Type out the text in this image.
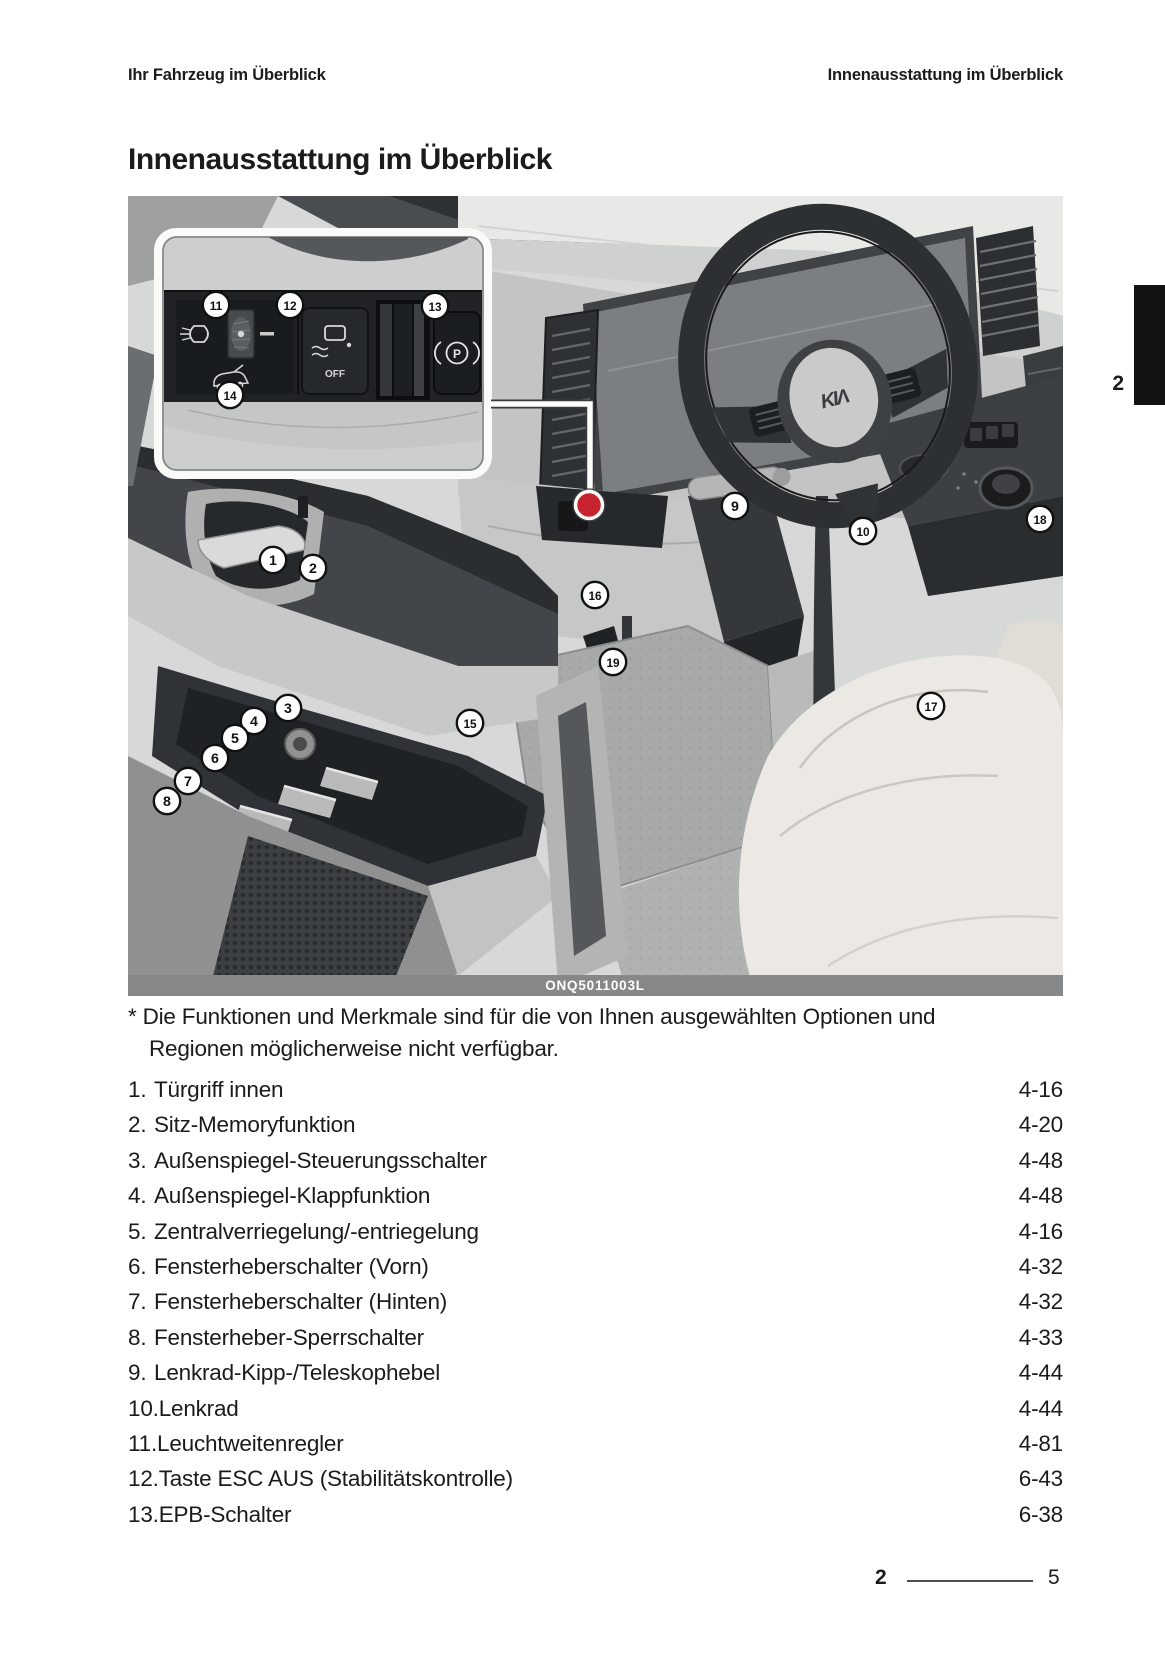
Ihr Fahrzeug im Überblick	Innenausstattung im Überblick
Innenausstattung im Überblick
KIΛ
OFF
P
1 2
3
4
5
6
7
8
9
10
11	12	13
14
15
16
17
18
19
ONQ5011003L
* Die Funktionen und Merkmale sind für die von Ihnen ausgewählten Optionen und
Regionen möglicherweise nicht verfügbar.
1. Türgriff innen	4-16
2. Sitz-Memoryfunktion	4-20
3. Außenspiegel-Steuerungsschalter	4-48
4. Außenspiegel-Klappfunktion	4-48
5. Zentralverriegelung/-entriegelung	4-16
6. Fensterheberschalter (Vorn)	4-32
7. Fensterheberschalter (Hinten)	4-32
8. Fensterheber-Sperrschalter	4-33
9. Lenkrad-Kipp-/Teleskophebel	4-44
10. Lenkrad	4-44
11. Leuchtweitenregler	4-81
12. Taste ESC AUS (Stabilitätskontrolle)	6-43
13. EPB-Schalter	6-38
2
2	5
